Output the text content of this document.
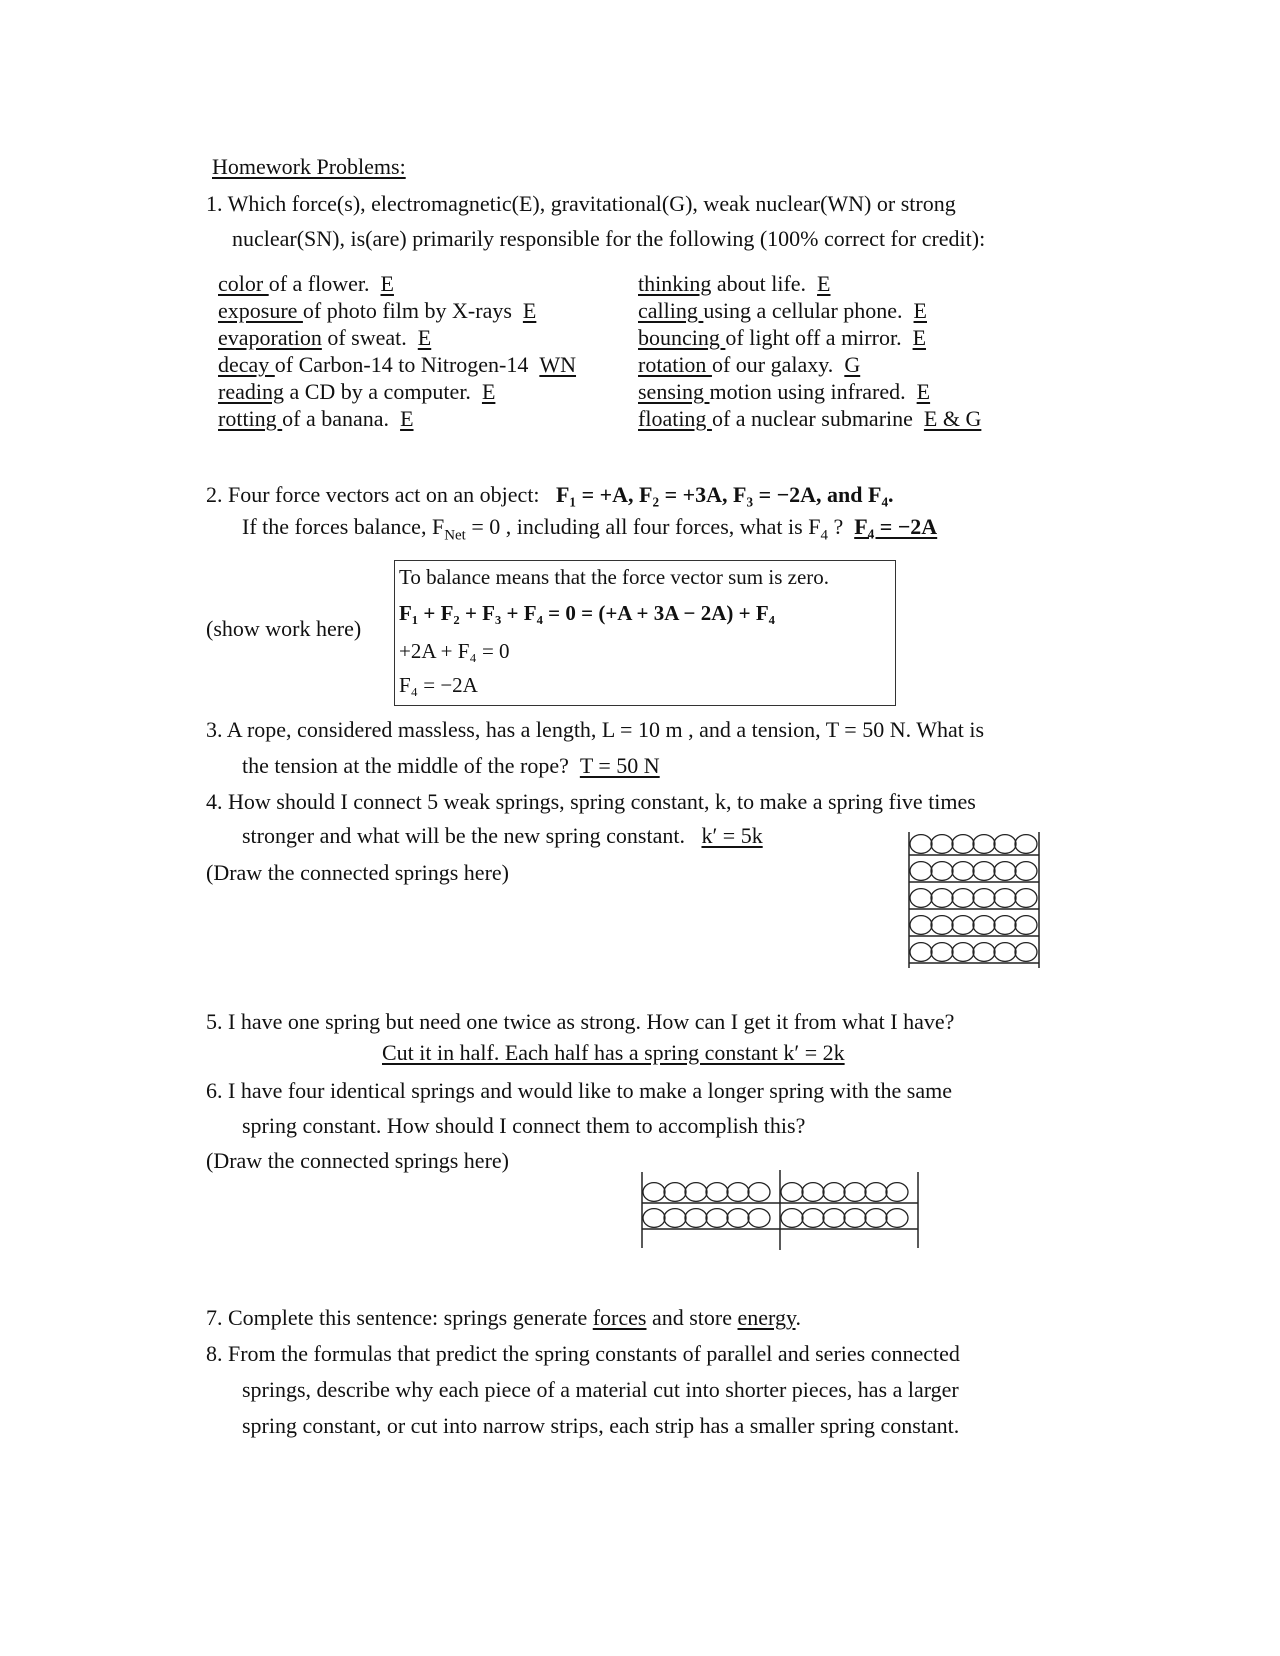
Homework Problems:
1. Which force(s), electromagnetic(E), gravitational(G), weak nuclear(WN) or strong
nuclear(SN), is(are) primarily responsible for the following (100% correct for credit):
color of a flower. E	thinking about life. E
exposure of photo film by X-rays E	calling using a cellular phone. E
evaporation of sweat. E	bouncing of light off a mirror. E
decay of Carbon-14 to Nitrogen-14 WN	rotation of our galaxy. G
reading a CD by a computer. E	sensing motion using infrared. E
rotting of a banana. E	floating of a nuclear submarine E & G
2. Four force vectors act on an object: F₁ = +A, F₂ = +3A, F₃ = −2A, and F₄.
If the forces balance, $F_{Net} = 0$ , including all four forces, what is $F_4$ ? F₄ = −2A
(show work here)
To balance means that the force vector sum is zero.
F₁ + F₂ + F₃ + F₄ = 0 = (+A + 3A − 2A) + F₄
+2A + F₄ = 0
F₄ = −2A
3. A rope, considered massless, has a length, L = 10 m , and a tension, T = 50 N. What is
the tension at the middle of the rope? T = 50 N
4. How should I connect 5 weak springs, spring constant, k, to make a spring five times
stronger and what will be the new spring constant. k′ = 5k
(Draw the connected springs here)
5. I have one spring but need one twice as strong. How can I get it from what I have?
Cut it in half. Each half has a spring constant k′ = 2k
6. I have four identical springs and would like to make a longer spring with the same
spring constant. How should I connect them to accomplish this?
(Draw the connected springs here)
7. Complete this sentence: springs generate forces and store energy.
8. From the formulas that predict the spring constants of parallel and series connected
springs, describe why each piece of a material cut into shorter pieces, has a larger
spring constant, or cut into narrow strips, each strip has a smaller spring constant.
